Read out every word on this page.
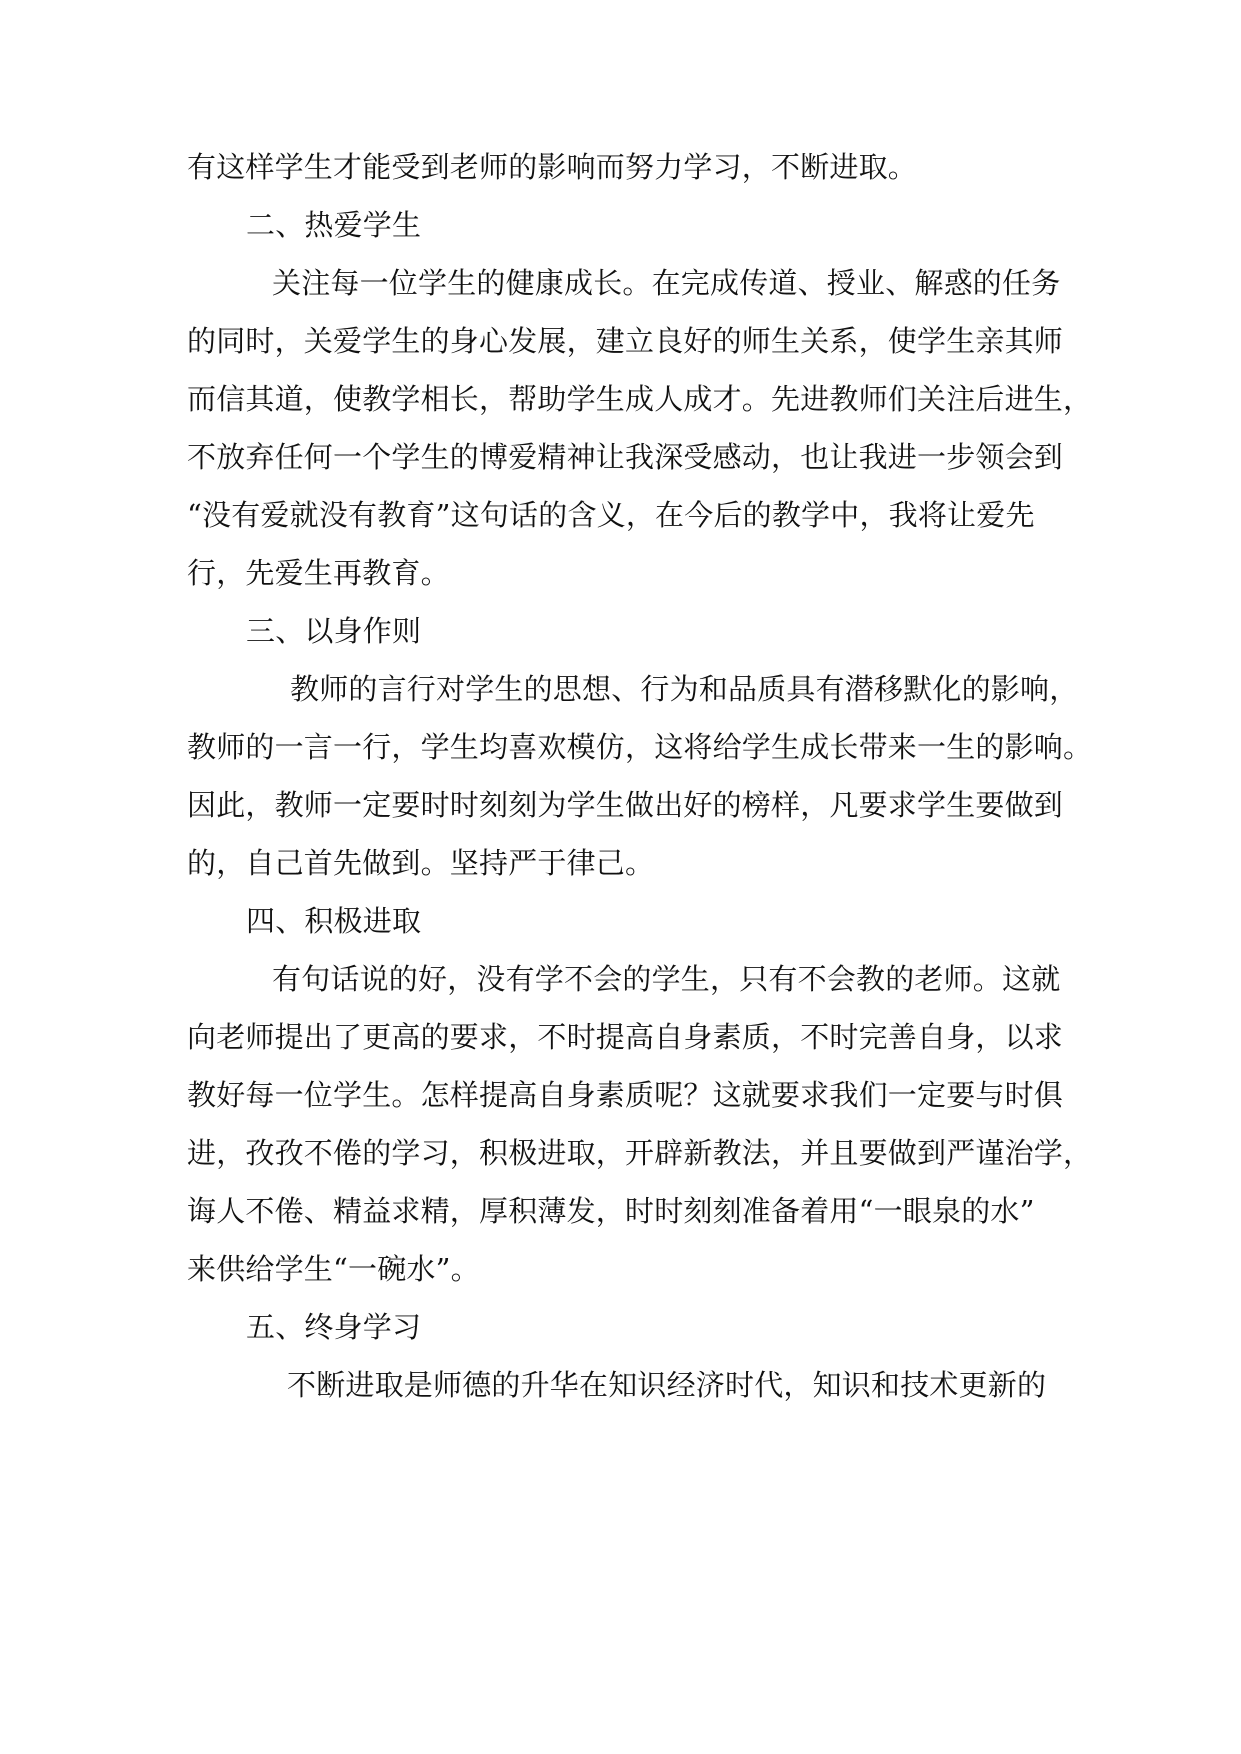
有这样学生才能受到老师的影响而努力学习，不断进取。
二、热爱学生
关注每一位学生的健康成长。在完成传道、授业、解惑的任务
的同时，关爱学生的身心发展，建立良好的师生关系，使学生亲其师
而信其道，使教学相长，帮助学生成人成才。先进教师们关注后进生，
不放弃任何一个学生的博爱精神让我深受感动，也让我进一步领会到
“没有爱就没有教育”这句话的含义，在今后的教学中，我将让爱先
行，先爱生再教育。
三、以身作则
教师的言行对学生的思想、行为和品质具有潜移默化的影响，
教师的一言一行，学生均喜欢模仿，这将给学生成长带来一生的影响。
因此，教师一定要时时刻刻为学生做出好的榜样，凡要求学生要做到
的，自己首先做到。坚持严于律己。
四、积极进取
有句话说的好，没有学不会的学生，只有不会教的老师。这就
向老师提出了更高的要求，不时提高自身素质，不时完善自身，以求
教好每一位学生。怎样提高自身素质呢？这就要求我们一定要与时俱
进，孜孜不倦的学习，积极进取，开辟新教法，并且要做到严谨治学，
诲人不倦、精益求精，厚积薄发，时时刻刻准备着用“一眼泉的水”
来供给学生“一碗水”。
五、终身学习
不断进取是师德的升华在知识经济时代，知识和技术更新的
